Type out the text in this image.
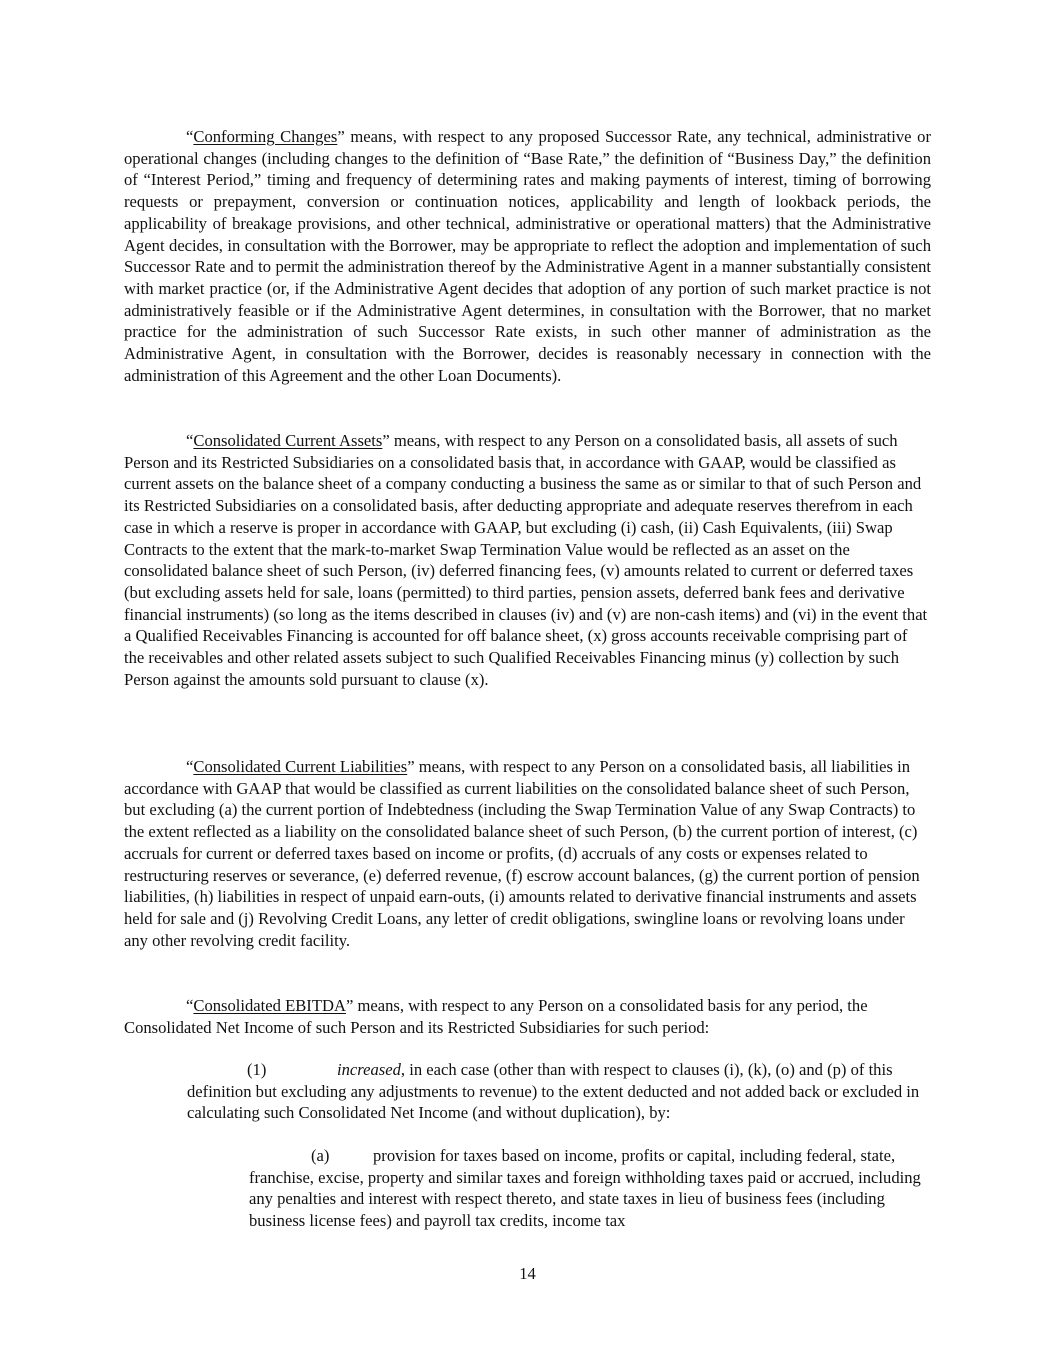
“Conforming Changes” means, with respect to any proposed Successor Rate, any technical, administrative or operational changes (including changes to the definition of “Base Rate,” the definition of “Business Day,” the definition of “Interest Period,” timing and frequency of determining rates and making payments of interest, timing of borrowing requests or prepayment, conversion or continuation notices, applicability and length of lookback periods, the applicability of breakage provisions, and other technical, administrative or operational matters) that the Administrative Agent decides, in consultation with the Borrower, may be appropriate to reflect the adoption and implementation of such Successor Rate and to permit the administration thereof by the Administrative Agent in a manner substantially consistent with market practice (or, if the Administrative Agent decides that adoption of any portion of such market practice is not administratively feasible or if the Administrative Agent determines, in consultation with the Borrower, that no market practice for the administration of such Successor Rate exists, in such other manner of administration as the Administrative Agent, in consultation with the Borrower, decides is reasonably necessary in connection with the administration of this Agreement and the other Loan Documents).

“Consolidated Current Assets” means, with respect to any Person on a consolidated basis, all assets of such Person and its Restricted Subsidiaries on a consolidated basis that, in accordance with GAAP, would be classified as current assets on the balance sheet of a company conducting a business the same as or similar to that of such Person and its Restricted Subsidiaries on a consolidated basis, after deducting appropriate and adequate reserves therefrom in each case in which a reserve is proper in accordance with GAAP, but excluding (i) cash, (ii) Cash Equivalents, (iii) Swap Contracts to the extent that the mark-to-market Swap Termination Value would be reflected as an asset on the consolidated balance sheet of such Person, (iv) deferred financing fees, (v) amounts related to current or deferred taxes (but excluding assets held for sale, loans (permitted) to third parties, pension assets, deferred bank fees and derivative financial instruments) (so long as the items described in clauses (iv) and (v) are non-cash items) and (vi) in the event that a Qualified Receivables Financing is accounted for off balance sheet, (x) gross accounts receivable comprising part of the receivables and other related assets subject to such Qualified Receivables Financing minus (y) collection by such Person against the amounts sold pursuant to clause (x).

“Consolidated Current Liabilities” means, with respect to any Person on a consolidated basis, all liabilities in accordance with GAAP that would be classified as current liabilities on the consolidated balance sheet of such Person, but excluding (a) the current portion of Indebtedness (including the Swap Termination Value of any Swap Contracts) to the extent reflected as a liability on the consolidated balance sheet of such Person, (b) the current portion of interest, (c) accruals for current or deferred taxes based on income or profits, (d) accruals of any costs or expenses related to restructuring reserves or severance, (e) deferred revenue, (f) escrow account balances, (g) the current portion of pension liabilities, (h) liabilities in respect of unpaid earn-outs, (i) amounts related to derivative financial instruments and assets held for sale and (j) Revolving Credit Loans, any letter of credit obligations, swingline loans or revolving loans under any other revolving credit facility.

“Consolidated EBITDA” means, with respect to any Person on a consolidated basis for any period, the Consolidated Net Income of such Person and its Restricted Subsidiaries for such period:

(1)	increased, in each case (other than with respect to clauses (i), (k), (o) and (p) of this definition but excluding any adjustments to revenue) to the extent deducted and not added back or excluded in calculating such Consolidated Net Income (and without duplication), by:

(a)	provision for taxes based on income, profits or capital, including federal, state, franchise, excise, property and similar taxes and foreign withholding taxes paid or accrued, including any penalties and interest with respect thereto, and state taxes in lieu of business fees (including business license fees) and payroll tax credits, income tax

14
